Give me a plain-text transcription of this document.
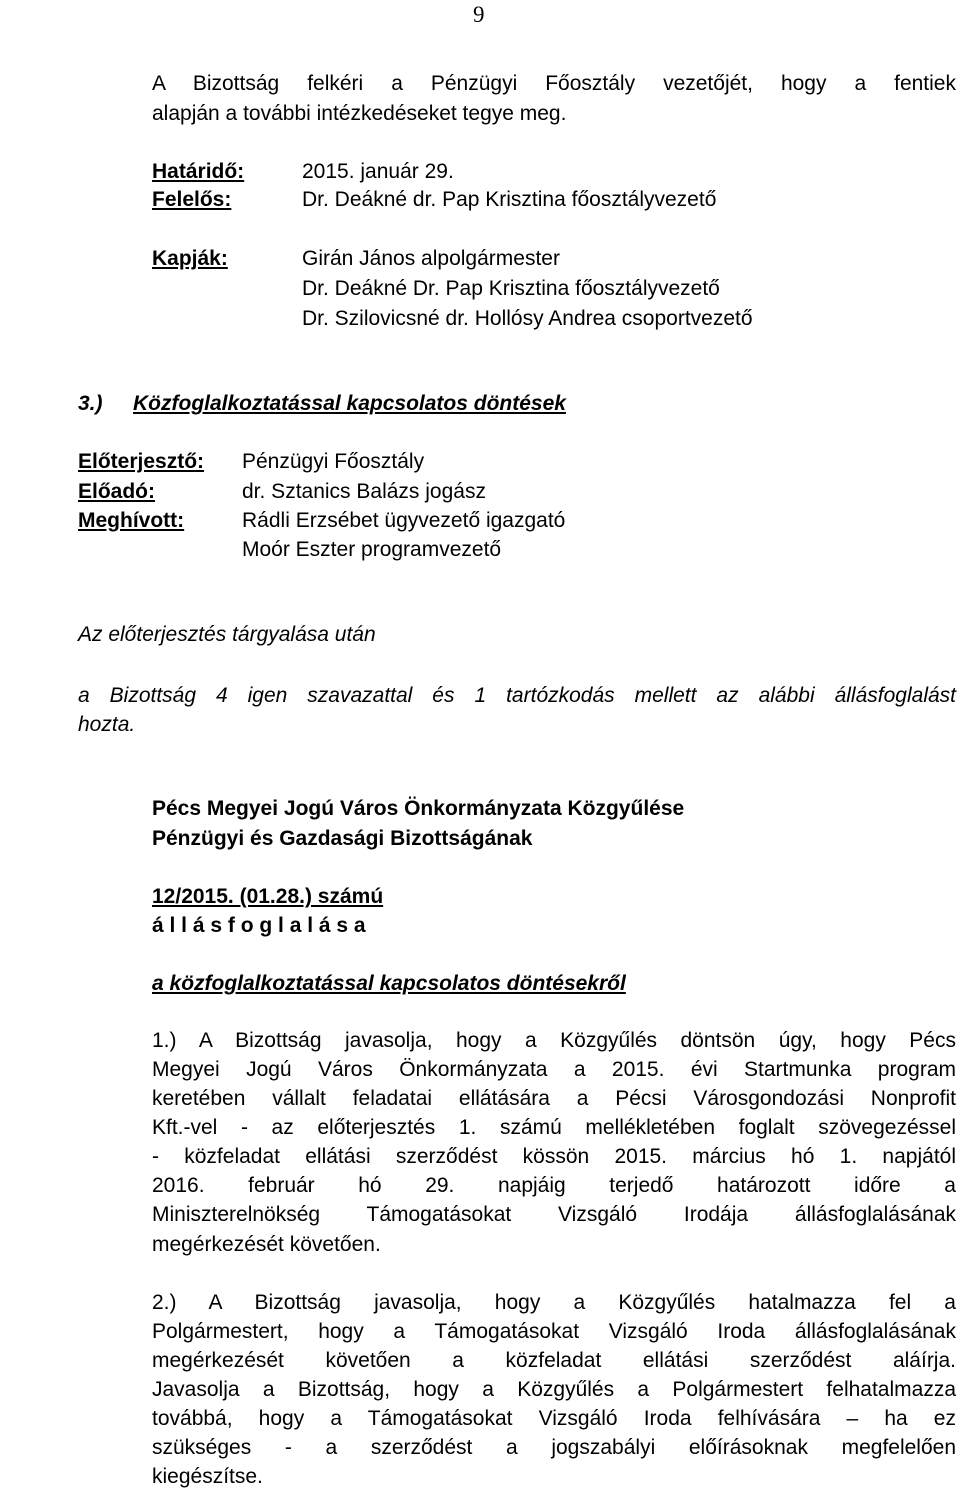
9
A Bizottság felkéri a Pénzügyi Főosztály vezetőjét, hogy a fentiek
alapján a további intézkedéseket tegye meg.
Határidő:	2015. január 29.
Felelős:	Dr. Deákné dr. Pap Krisztina főosztályvezető
Kapják:	Girán János alpolgármester
Dr. Deákné Dr. Pap Krisztina főosztályvezető
Dr. Szilovicsné dr. Hollósy Andrea csoportvezető
3.) Közfoglalkoztatással kapcsolatos döntések
Előterjesztő: Pénzügyi Főosztály
Előadó:	dr. Sztanics Balázs jogász
Meghívott:	Rádli Erzsébet ügyvezető igazgató
Moór Eszter programvezető
Az előterjesztés tárgyalása után
a Bizottság 4 igen szavazattal és 1 tartózkodás mellett az alábbi állásfoglalást
hozta.
Pécs Megyei Jogú Város Önkormányzata Közgyűlése
Pénzügyi és Gazdasági Bizottságának
12/2015. (01.28.) számú
á l l á s f o g l a l á s a
a közfoglalkoztatással kapcsolatos döntésekről
1.) A Bizottság javasolja, hogy a Közgyűlés döntsön úgy, hogy Pécs
Megyei Jogú Város Önkormányzata a 2015. évi Startmunka program
keretében vállalt feladatai ellátására a Pécsi Városgondozási Nonprofit
Kft.-vel - az előterjesztés 1. számú mellékletében foglalt szövegezéssel
- közfeladat ellátási szerződést kössön 2015. március hó 1. napjától
2016. február hó 29. napjáig terjedő határozott időre a
Miniszterelnökség Támogatásokat Vizsgáló Irodája állásfoglalásának
megérkezését követően.
2.) A Bizottság javasolja, hogy a Közgyűlés hatalmazza fel a
Polgármestert, hogy a Támogatásokat Vizsgáló Iroda állásfoglalásának
megérkezését követően a közfeladat ellátási szerződést aláírja.
Javasolja a Bizottság, hogy a Közgyűlés a Polgármestert felhatalmazza
továbbá, hogy a Támogatásokat Vizsgáló Iroda felhívására – ha ez
szükséges - a szerződést a jogszabályi előírásoknak megfelelően
kiegészítse.
